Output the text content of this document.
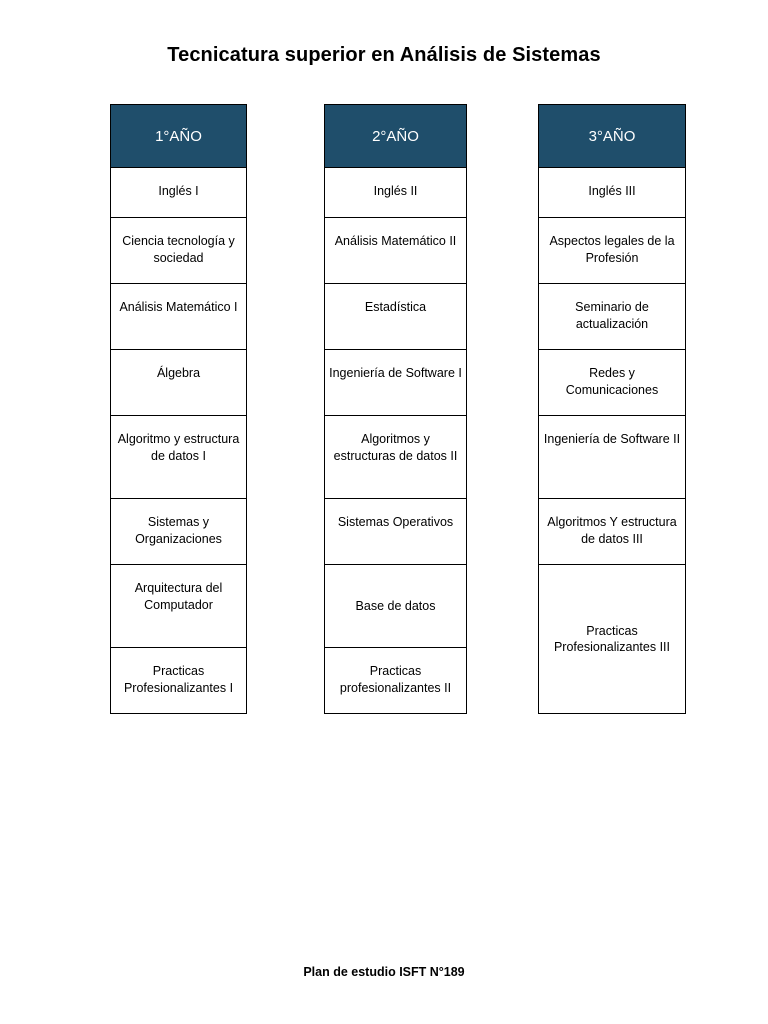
Tecnicatura superior en Análisis de Sistemas
1°AÑO
Inglés I
Ciencia tecnología y sociedad
Análisis Matemático I
Álgebra
Algoritmo y estructura de datos I
Sistemas y Organizaciones
Arquitectura del Computador
Practicas Profesionalizantes I
2°AÑO
Inglés II
Análisis Matemático II
Estadística
Ingeniería de Software I
Algoritmos y estructuras de datos II
Sistemas Operativos
Base de datos
Practicas profesionalizantes II
3°AÑO
Inglés III
Aspectos legales de la Profesión
Seminario de actualización
Redes y Comunicaciones
Ingeniería de Software II
Algoritmos Y estructura de datos III
Practicas Profesionalizantes III
Plan de estudio ISFT N°189
